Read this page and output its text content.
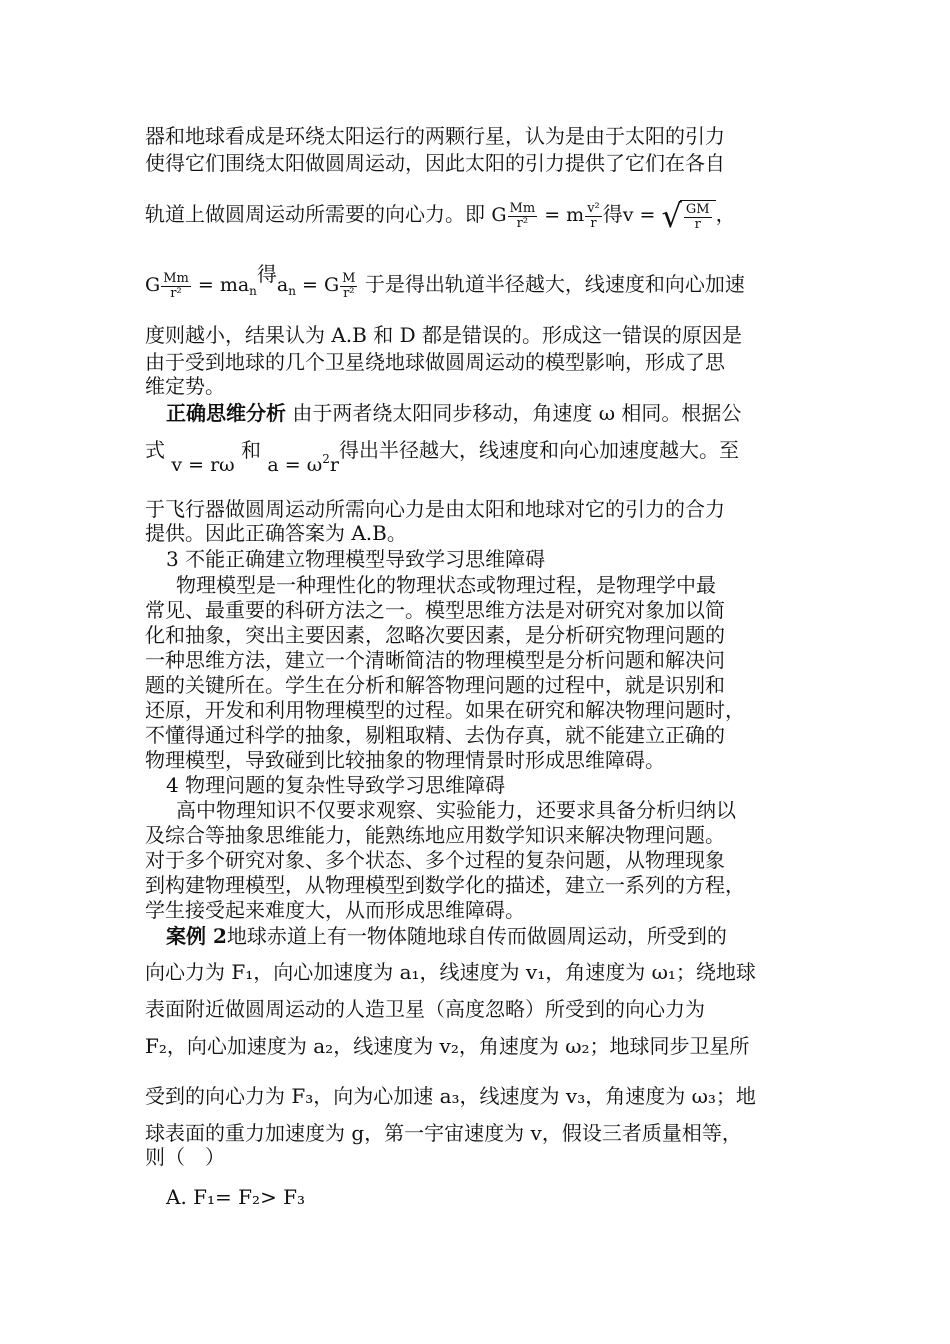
器和地球看成是环绕太阳运行的两颗行星，认为是由于太阳的引力
使得它们围绕太阳做圆周运动，因此太阳的引力提供了它们在各自
轨道上做圆周运动所需要的向心力。即 G $\frac{Mm}{\text{r²}} = m \frac{\text{v²}}{r}$ 得v = √ $\frac{GM}{r}$ ，
G $\frac{Mm}{\text{r²}} = ma_n$得$a_n = G \frac{M}{\text{r²}}$ 于是得出轨道半径越大，线速度和向心加速
度则越小，结果认为 A.B 和 D 都是错误的。形成这一错误的原因是
由于受到地球的几个卫星绕地球做圆周运动的模型影响，形成了思
维定势。
正确思维分析 由于两者绕太阳同步移动，角速度 ω 相同。根据公
式 v = rω 和 $a = \omega^2r$得出半径越大，线速度和向心加速度越大。至
于飞行器做圆周运动所需向心力是由太阳和地球对它的引力的合力
提供。因此正确答案为 A.B。
3 不能正确建立物理模型导致学习思维障碍
物理模型是一种理性化的物理状态或物理过程，是物理学中最
常见、最重要的科研方法之一。模型思维方法是对研究对象加以简
化和抽象，突出主要因素，忽略次要因素，是分析研究物理问题的
一种思维方法，建立一个清晰简洁的物理模型是分析问题和解决问
题的关键所在。学生在分析和解答物理问题的过程中，就是识别和
还原，开发和利用物理模型的过程。如果在研究和解决物理问题时，
不懂得通过科学的抽象，剔粗取精、去伪存真，就不能建立正确的
物理模型，导致碰到比较抽象的物理情景时形成思维障碍。
4 物理问题的复杂性导致学习思维障碍
高中物理知识不仅要求观察、实验能力，还要求具备分析归纳以
及综合等抽象思维能力，能熟练地应用数学知识来解决物理问题。
对于多个研究对象、多个状态、多个过程的复杂问题，从物理现象
到构建物理模型，从物理模型到数学化的描述，建立一系列的方程，
学生接受起来难度大，从而形成思维障碍。
案例 2地球赤道上有一物体随地球自传而做圆周运动，所受到的
向心力为 F₁，向心加速度为 a₁，线速度为 v₁，角速度为 ω₁；绕地球
表面附近做圆周运动的人造卫星（高度忽略）所受到的向心力为
F₂，向心加速度为 a₂，线速度为 v₂，角速度为 ω₂；地球同步卫星所
受到的向心力为 F₃，向为心加速 a₃，线速度为 v₃，角速度为 ω₃；地
球表面的重力加速度为 g，第一宇宙速度为 v，假设三者质量相等，
则（　）
A. F₁= F₂> F₃
